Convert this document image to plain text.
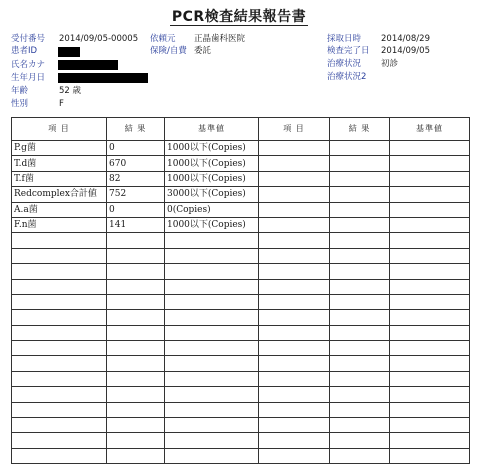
PCR検査結果報告書
受付番号 2014/09/05-00005
患者ID
氏名カナ
生年月日
年齢	52 歳
性別	F
依頼元 正晶歯科医院
保険/自費 委託
採取日時 2014/08/29
検査完了日 2014/09/05
治療状況 初診
治療状況2
項 目	結 果	基準値	項 目	結 果	基準値
P.g菌	0	1000以下(Copies)			
T.d菌	670	1000以下(Copies)			
T.f菌	82	1000以下(Copies)			
Redcomplex合計値	752	3000以下(Copies)			
A.a菌	0	0(Copies)			
F.n菌	141	1000以下(Copies)			
